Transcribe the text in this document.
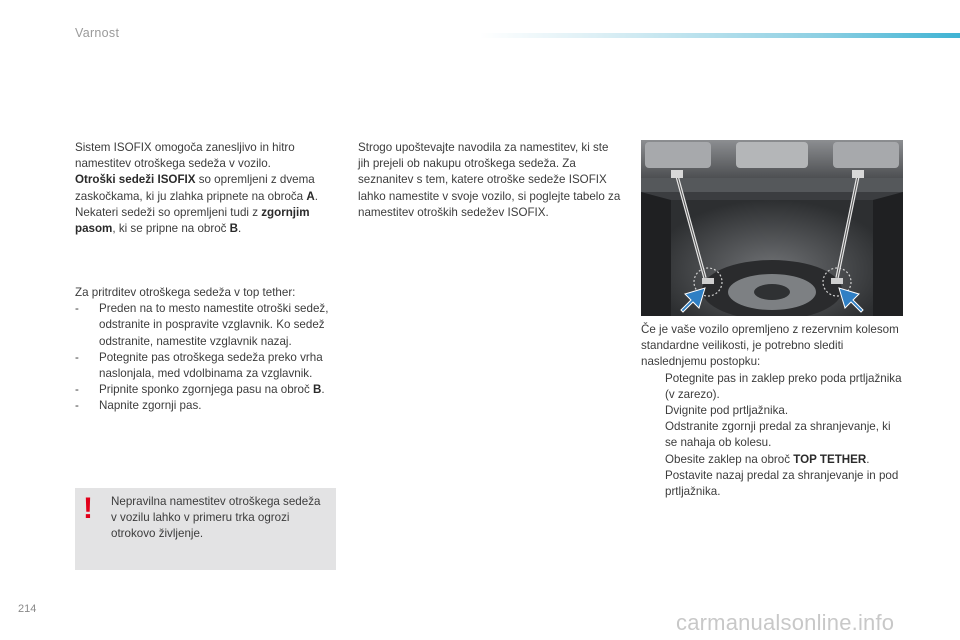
Varnost

Sistem ISOFIX omogoča zanesljivo in hitro namestitev otroškega sedeža v vozilo.

Otroški sedeži ISOFIX so opremljeni z dvema zaskočkama, ki ju zlahka pripnete na obroča A.

Nekateri sedeži so opremljeni tudi z zgornjim pasom, ki se pripne na obroč B.

Za pritrditev otroškega sedeža v top tether:

-	Preden na to mesto namestite otroški sedež, odstranite in pospravite vzglavnik. Ko sedež odstranite, namestite vzglavnik nazaj.
-	Potegnite pas otroškega sedeža preko vrha naslonjala, med vdolbinama za vzglavnik.
-	Pripnite sponko zgornjega pasu na obroč B.
-	Napnite zgornji pas.
! Nepravilna namestitev otroškega sedeža v vozilu lahko v primeru trka ogrozi otrokovo življenje.

Strogo upoštevajte navodila za namestitev, ki ste jih prejeli ob nakupu otroškega sedeža. Za seznanitev s tem, katere otroške sedeže ISOFIX lahko namestite v svoje vozilo, si poglejte tabelo za namestitev otroških sedežev ISOFIX.

Če je vaše vozilo opremljeno z rezervnim kolesom standardne veilikosti, je potrebno slediti naslednjemu postopku:

Potegnite pas in zaklep preko poda prtljažnika (v zarezo).
Dvignite pod prtljažnika.
Odstranite zgornji predal za shranjevanje, ki se nahaja ob kolesu.
Obesite zaklep na obroč TOP TETHER.
Postavite nazaj predal za shranjevanje in pod prtljažnika.
214
carmanualsonline.info
